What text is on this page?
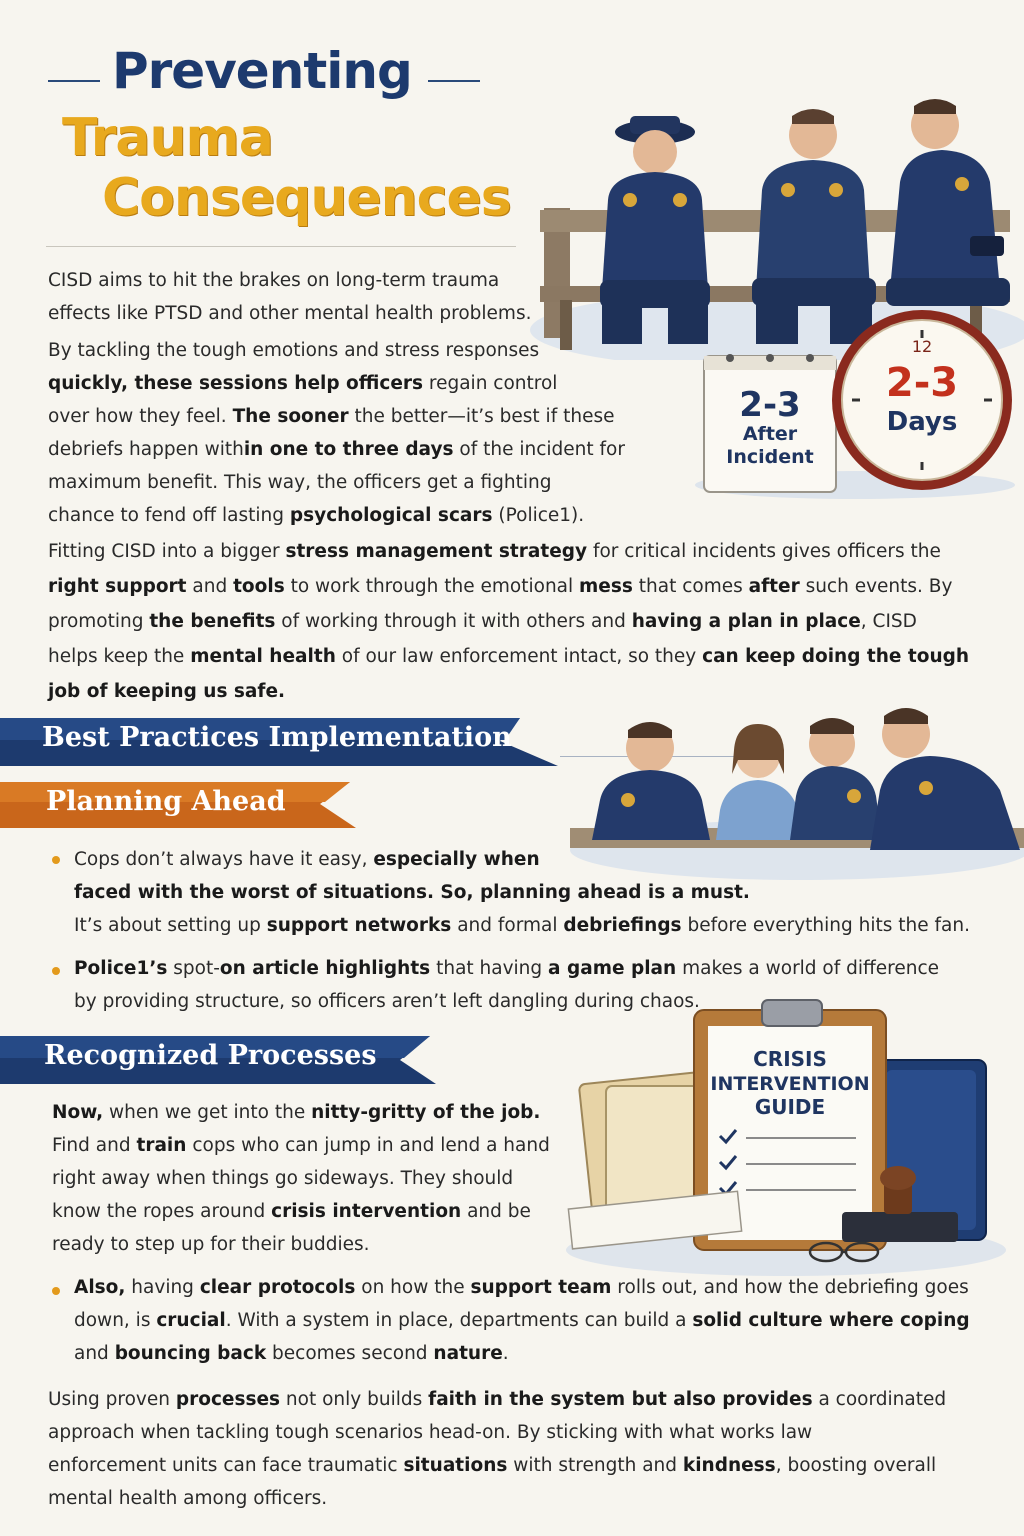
Preventing
Trauma
Consequences
CISD aims to hit the brakes on long-term trauma
effects like PTSD and other mental health problems.
By tackling the tough emotions and stress responses
quickly, these sessions help officers regain control
over how they feel. The sooner the better—it’s best if these
debriefs happen within one to three days of the incident for
maximum benefit. This way, the officers get a fighting
chance to fend off lasting psychological scars (Police1).
2-3
After
Incident
12
2-3
Days
Fitting CISD into a bigger stress management strategy for critical incidents gives officers the
right support and tools to work through the emotional mess that comes after such events. By
promoting the benefits of working through it with others and having a plan in place, CISD
helps keep the mental health of our law enforcement intact, so they can keep doing the tough
job of keeping us safe.
Best Practices Implementation
Planning Ahead
Cops don’t always have it easy, especially when
faced with the worst of situations. So, planning ahead is a must.
It’s about setting up support networks and formal debriefings before everything hits the fan.
Police1’s spot-on article highlights that having a game plan makes a world of difference
by providing structure, so officers aren’t left dangling during chaos.
Recognized Processes	CRISIS
INTERVENTION
GUIDE
Now, when we get into the nitty-gritty of the job.
Find and train cops who can jump in and lend a hand
right away when things go sideways. They should
know the ropes around crisis intervention and be
ready to step up for their buddies.
Also, having clear protocols on how the support team rolls out, and how the debriefing goes
down, is crucial. With a system in place, departments can build a solid culture where coping
and bouncing back becomes second nature.
Using proven processes not only builds faith in the system but also provides a coordinated
approach when tackling tough scenarios head-on. By sticking with what works law
enforcement units can face traumatic situations with strength and kindness, boosting overall
mental health among officers.
